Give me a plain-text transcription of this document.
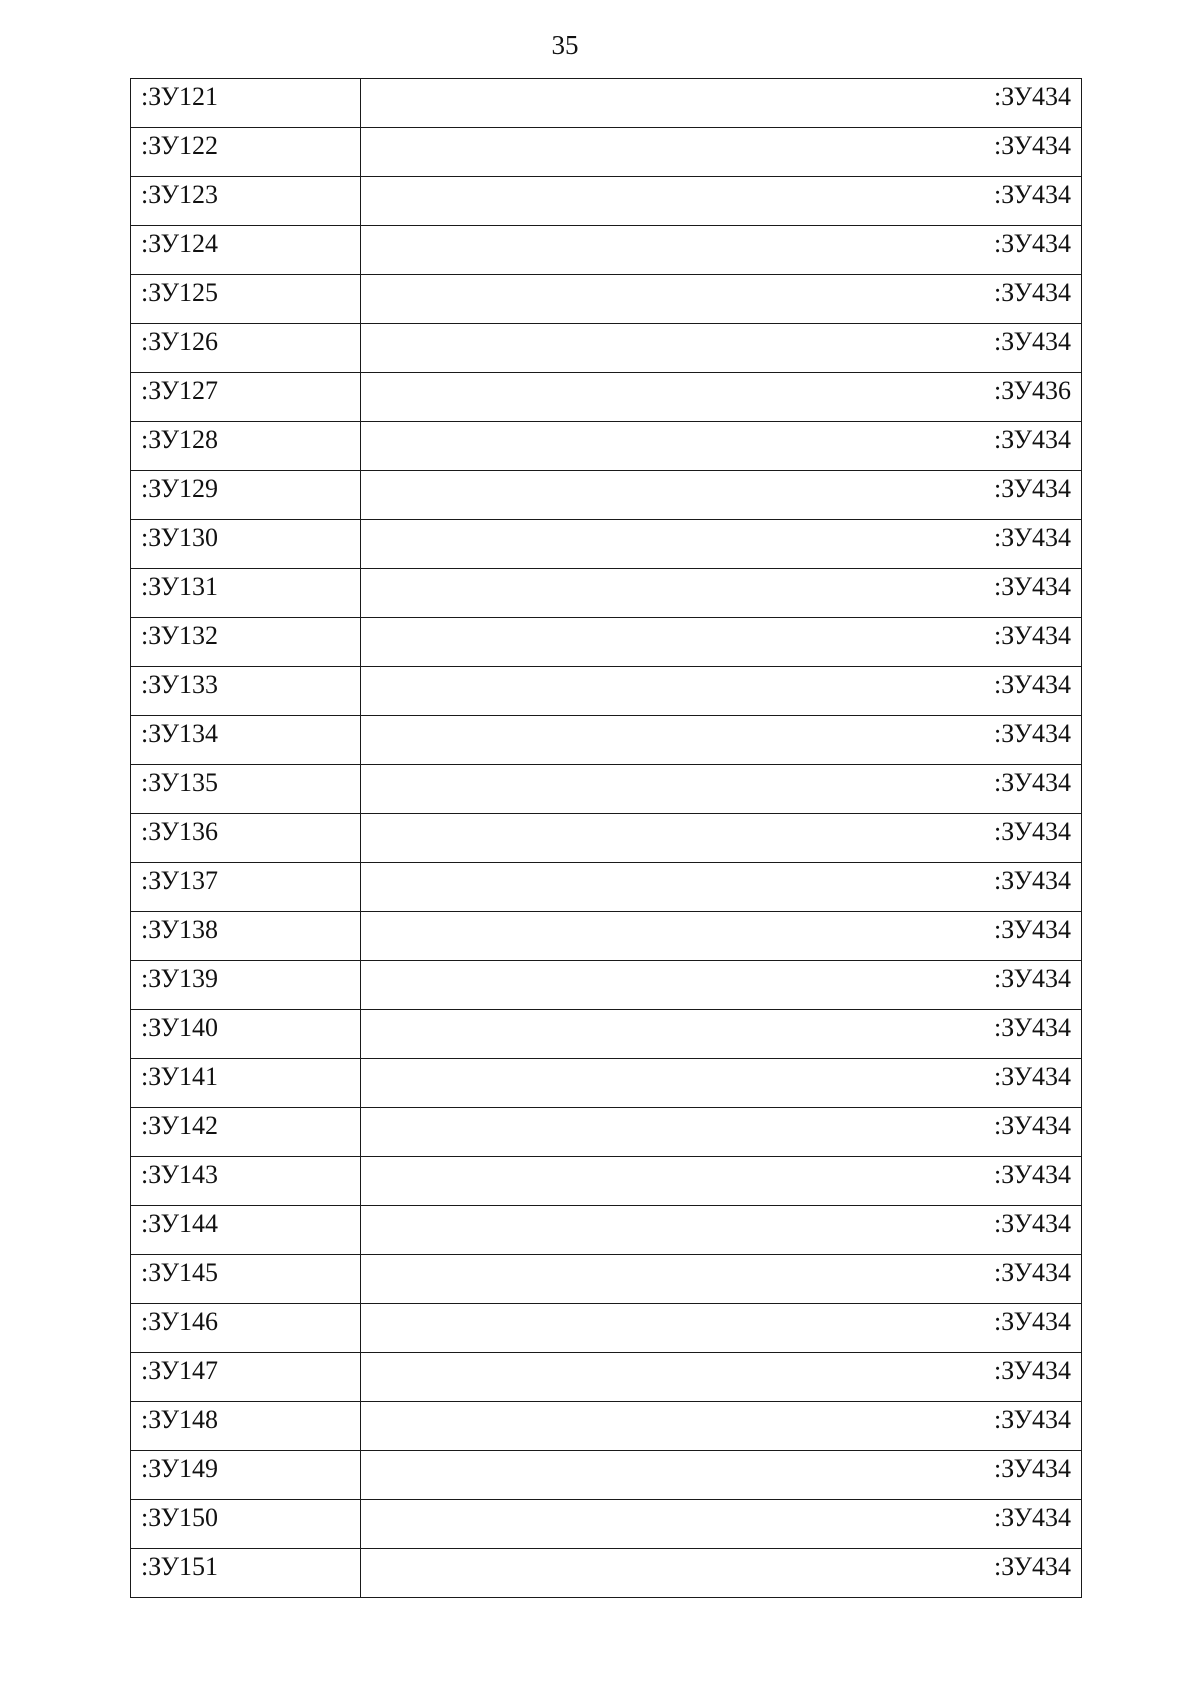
35
:ЗУ121	:ЗУ434
:ЗУ122	:ЗУ434
:ЗУ123	:ЗУ434
:ЗУ124	:ЗУ434
:ЗУ125	:ЗУ434
:ЗУ126	:ЗУ434
:ЗУ127	:ЗУ436
:ЗУ128	:ЗУ434
:ЗУ129	:ЗУ434
:ЗУ130	:ЗУ434
:ЗУ131	:ЗУ434
:ЗУ132	:ЗУ434
:ЗУ133	:ЗУ434
:ЗУ134	:ЗУ434
:ЗУ135	:ЗУ434
:ЗУ136	:ЗУ434
:ЗУ137	:ЗУ434
:ЗУ138	:ЗУ434
:ЗУ139	:ЗУ434
:ЗУ140	:ЗУ434
:ЗУ141	:ЗУ434
:ЗУ142	:ЗУ434
:ЗУ143	:ЗУ434
:ЗУ144	:ЗУ434
:ЗУ145	:ЗУ434
:ЗУ146	:ЗУ434
:ЗУ147	:ЗУ434
:ЗУ148	:ЗУ434
:ЗУ149	:ЗУ434
:ЗУ150	:ЗУ434
:ЗУ151	:ЗУ434
